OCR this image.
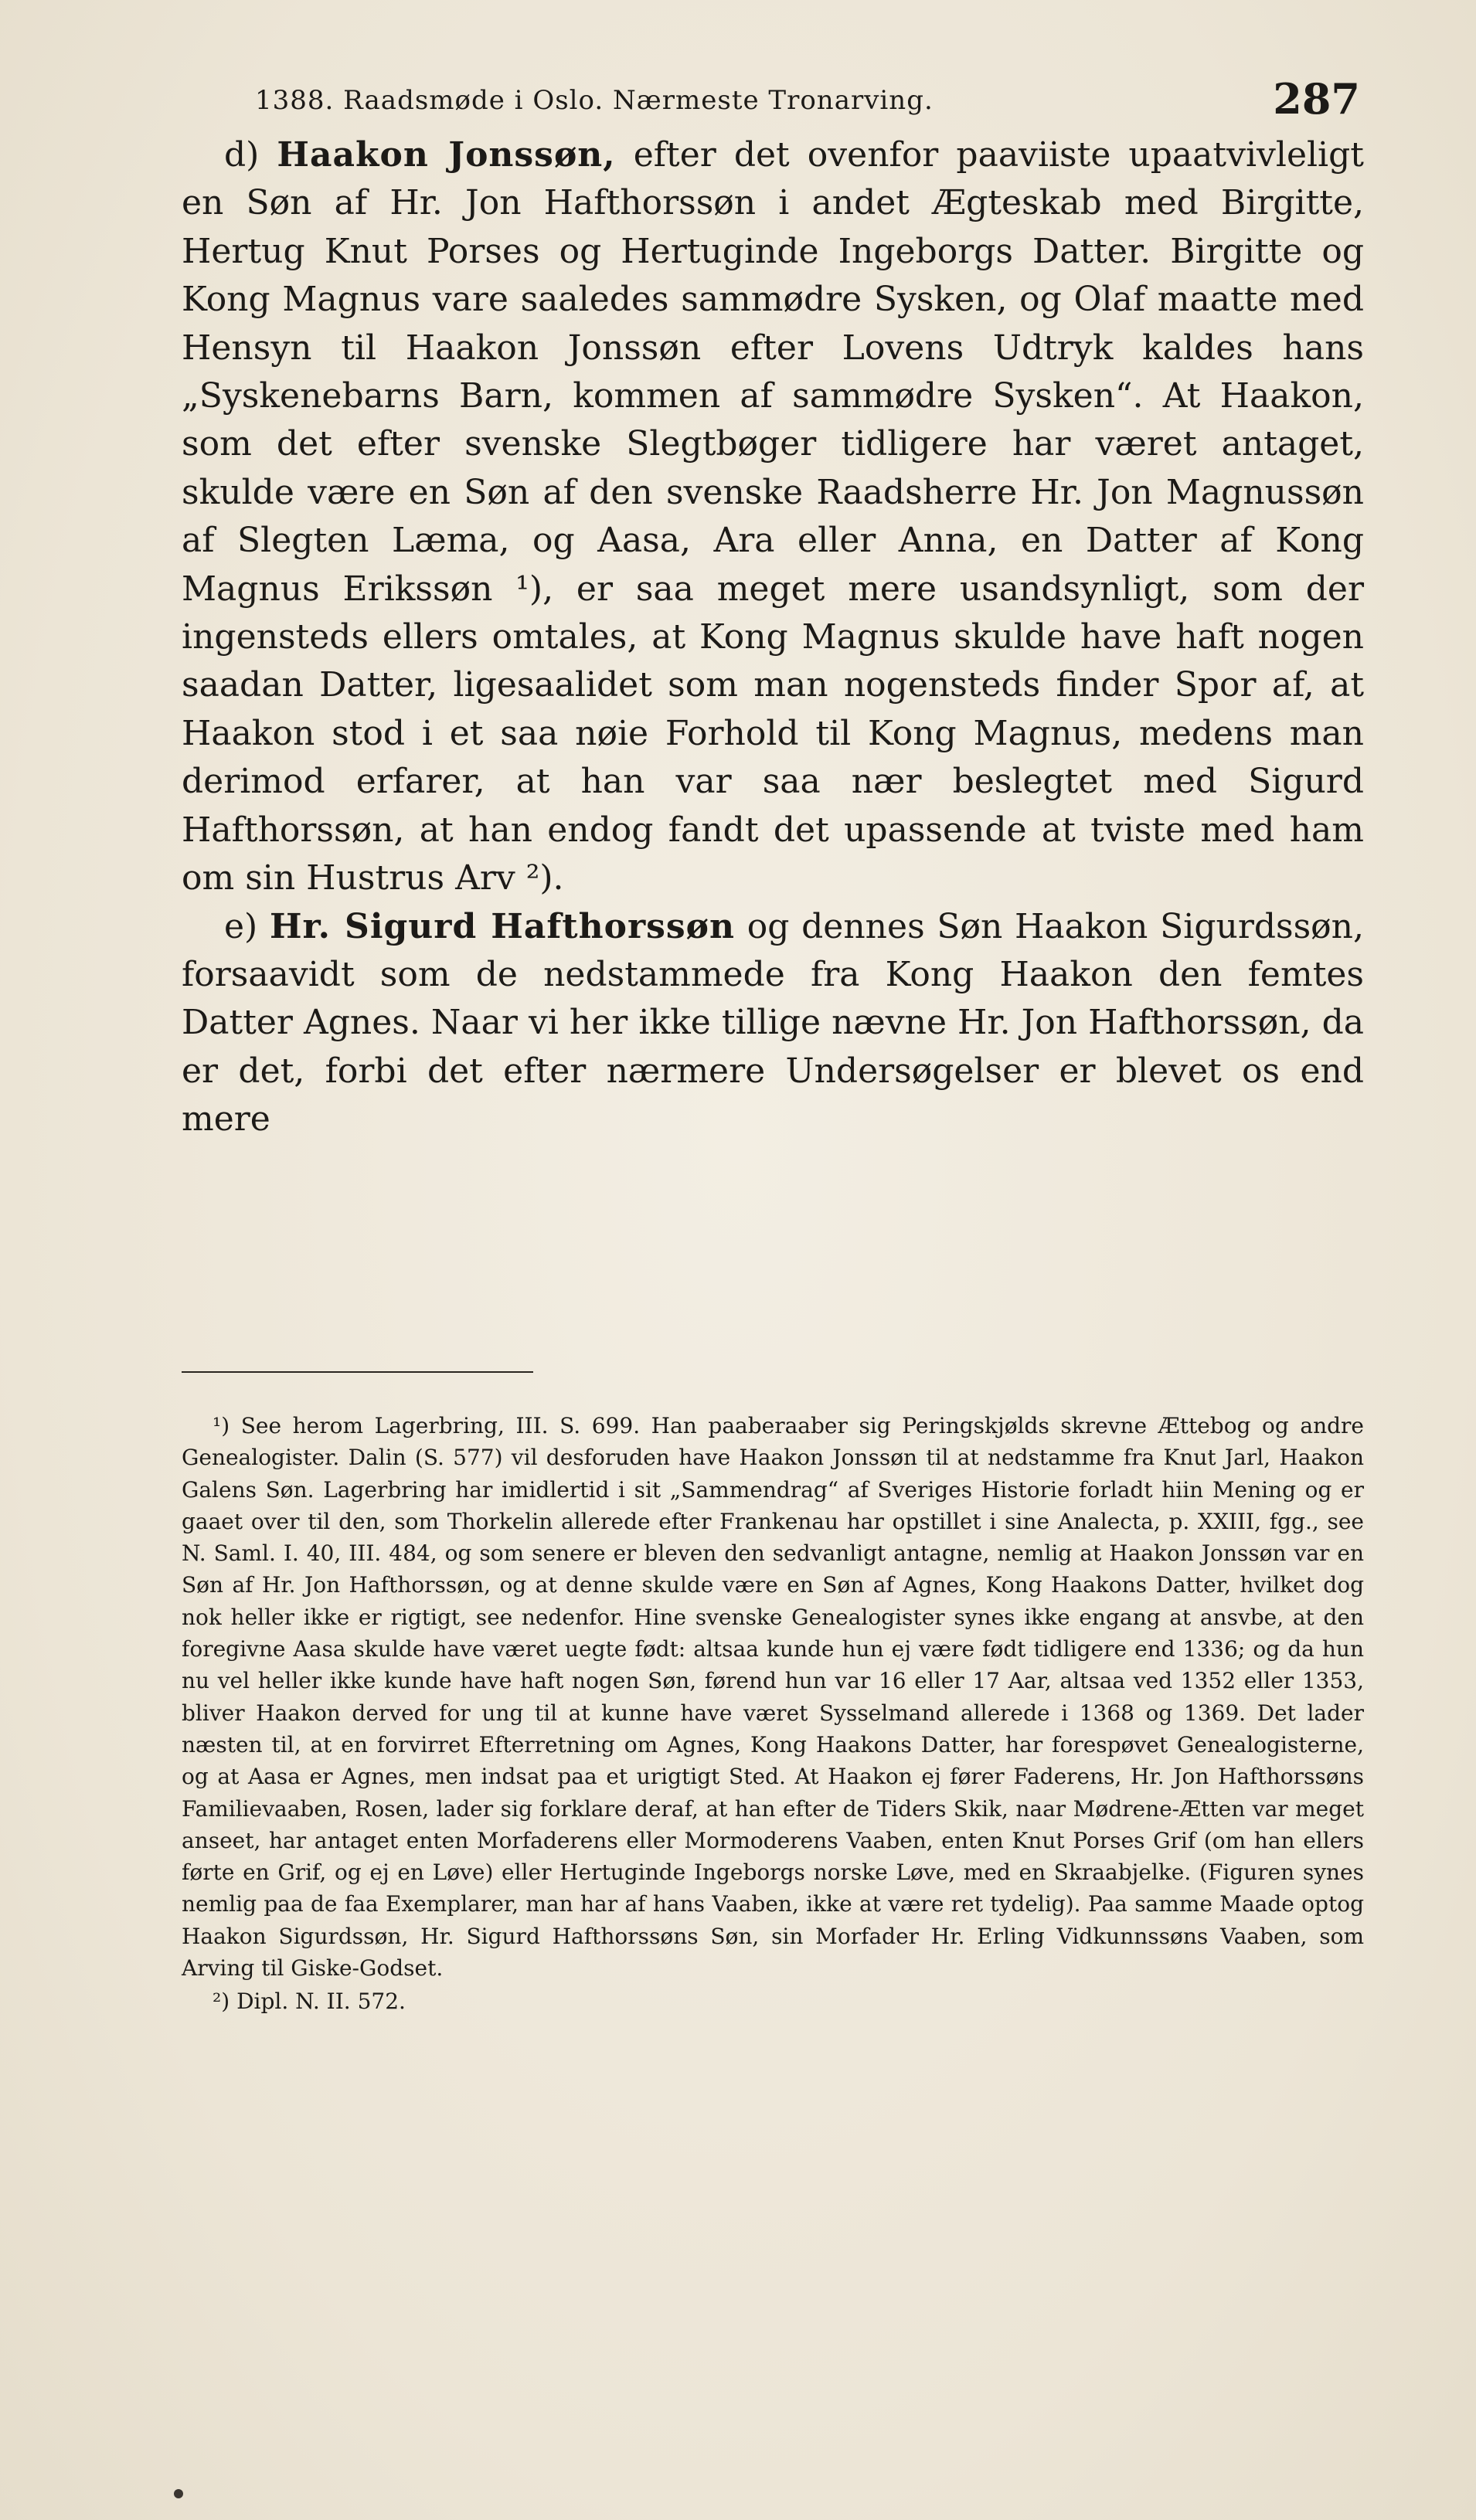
1388. Raadsmøde i Oslo. Nærmeste Tronarving.	287

d) Haakon Jonssøn, efter det ovenfor paaviiste upaatvivleligt en Søn af Hr. Jon Hafthorssøn i andet Ægteskab med Birgitte, Hertug Knut Porses og Hertuginde Ingeborgs Datter. Birgitte og Kong Magnus vare saaledes sammødre Sysken, og Olaf maatte med Hensyn til Haakon Jonssøn efter Lovens Udtryk kaldes hans „Syskenebarns Barn, kommen af sammødre Sysken“. At Haakon, som det efter svenske Slegtbøger tidligere har været antaget, skulde være en Søn af den svenske Raadsherre Hr. Jon Magnussøn af Slegten Læma, og Aasa, Ara eller Anna, en Datter af Kong Magnus Erikssøn ¹), er saa meget mere usandsynligt, som der ingensteds ellers omtales, at Kong Magnus skulde have haft nogen saadan Datter, ligesaalidet som man nogensteds finder Spor af, at Haakon stod i et saa nøie Forhold til Kong Magnus, medens man derimod erfarer, at han var saa nær beslegtet med Sigurd Hafthorssøn, at han endog fandt det upassende at tviste med ham om sin Hustrus Arv ²).

e) Hr. Sigurd Hafthorssøn og dennes Søn Haakon Sigurdssøn, forsaavidt som de nedstammede fra Kong Haakon den femtes Datter Agnes. Naar vi her ikke tillige nævne Hr. Jon Hafthorssøn, da er det, forbi det efter nærmere Undersøgelser er blevet os end mere

¹) See herom Lagerbring, III. S. 699. Han paaberaaber sig Peringskjølds skrevne Ættebog og andre Genealogister. Dalin (S. 577) vil desforuden have Haakon Jonssøn til at nedstamme fra Knut Jarl, Haakon Galens Søn. Lagerbring har imidlertid i sit „Sammendrag“ af Sveriges Historie forladt hiin Mening og er gaaet over til den, som Thorkelin allerede efter Frankenau har opstillet i sine Analecta, p. XXIII, fgg., see N. Saml. I. 40, III. 484, og som senere er bleven den sedvanligt antagne, nemlig at Haakon Jonssøn var en Søn af Hr. Jon Hafthorssøn, og at denne skulde være en Søn af Agnes, Kong Haakons Datter, hvilket dog nok heller ikke er rigtigt, see nedenfor. Hine svenske Genealogister synes ikke engang at ansvbe, at den foregivne Aasa skulde have været uegte født: altsaa kunde hun ej være født tidligere end 1336; og da hun nu vel heller ikke kunde have haft nogen Søn, førend hun var 16 eller 17 Aar, altsaa ved 1352 eller 1353, bliver Haakon derved for ung til at kunne have været Sysselmand allerede i 1368 og 1369. Det lader næsten til, at en forvirret Efterretning om Agnes, Kong Haakons Datter, har forespøvet Genealogisterne, og at Aasa er Agnes, men indsat paa et urigtigt Sted. At Haakon ej fører Faderens, Hr. Jon Hafthorssøns Familievaaben, Rosen, lader sig forklare deraf, at han efter de Tiders Skik, naar Mødrene-Ætten var meget anseet, har antaget enten Morfaderens eller Mormoderens Vaaben, enten Knut Porses Grif (om han ellers førte en Grif, og ej en Løve) eller Hertuginde Ingeborgs norske Løve, med en Skraabjelke. (Figuren synes nemlig paa de faa Exemplarer, man har af hans Vaaben, ikke at være ret tydelig). Paa samme Maade optog Haakon Sigurdssøn, Hr. Sigurd Hafthorssøns Søn, sin Morfader Hr. Erling Vidkunnssøns Vaaben, som Arving til Giske-Godset.

²) Dipl. N. II. 572.
